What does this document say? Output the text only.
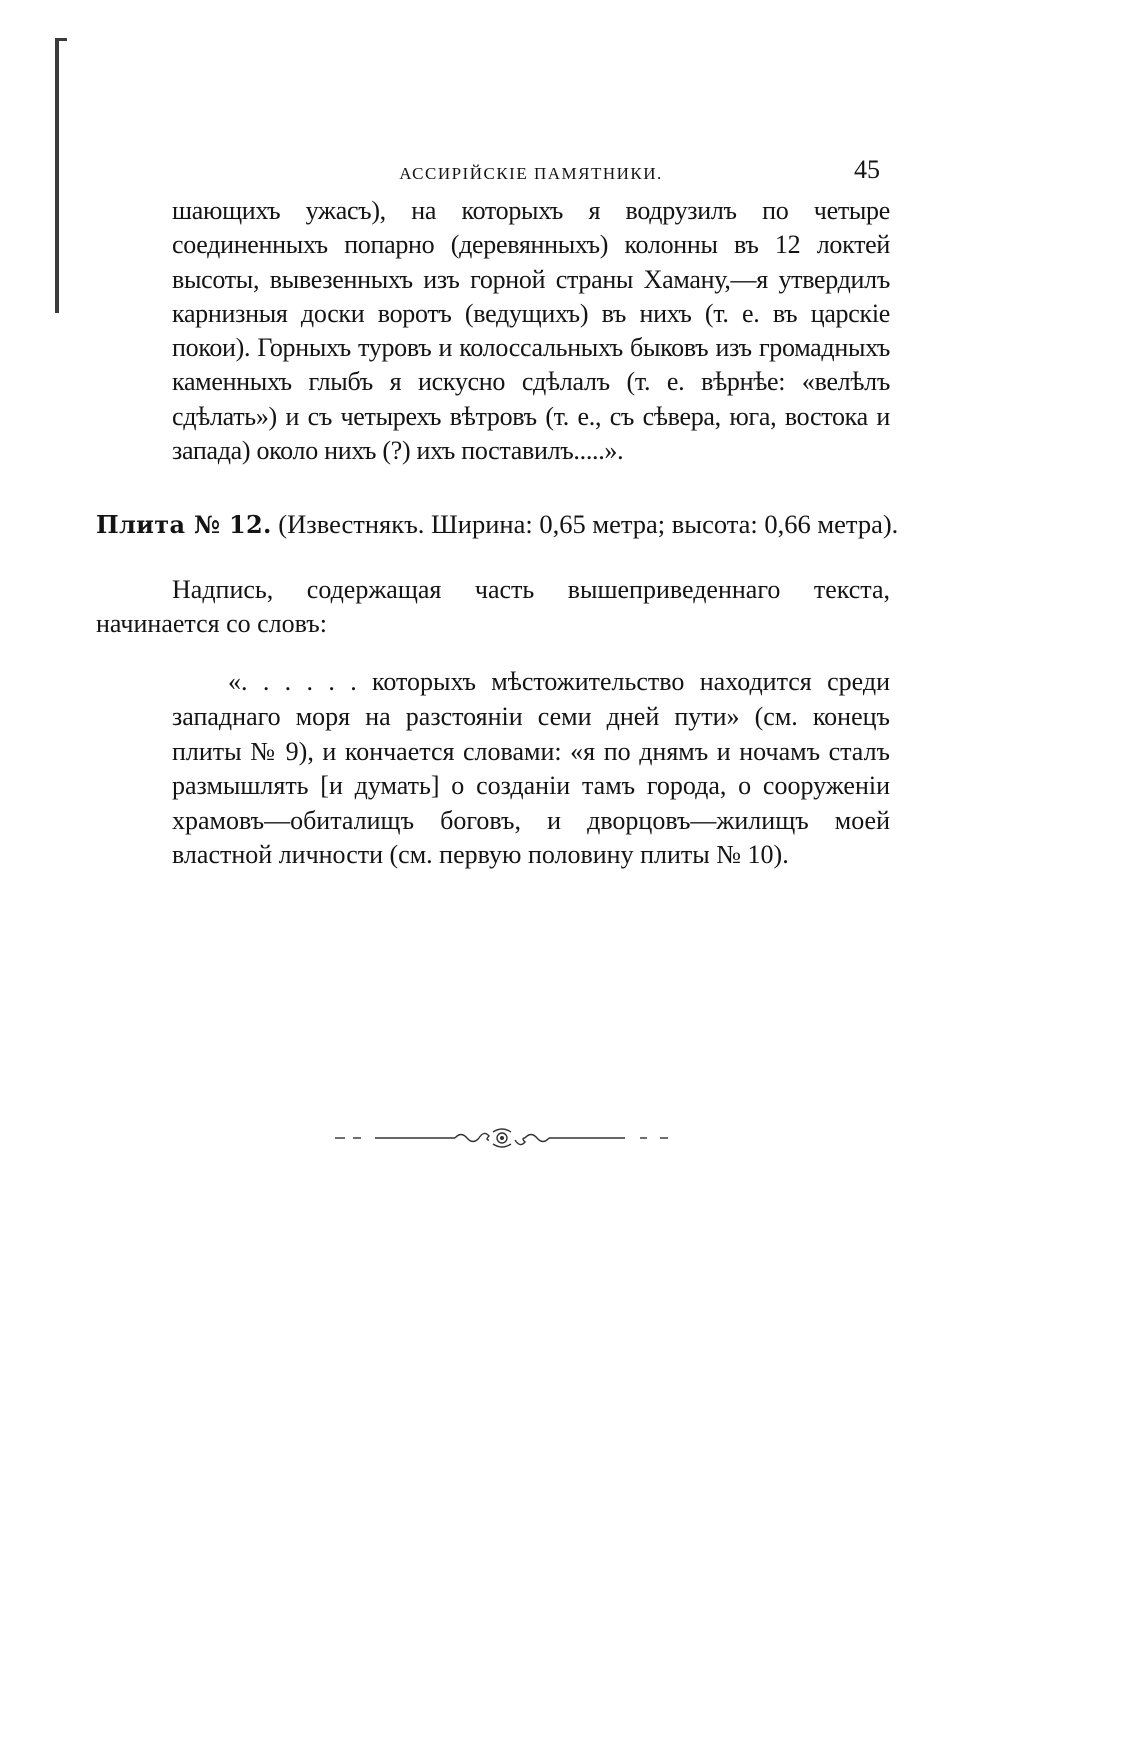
АССИРІЙСКІЕ ПАМЯТНИКИ.	45

шающихъ ужасъ), на которыхъ я водрузилъ по четыре соединенныхъ попарно (деревянныхъ) колонны въ 12 локтей высоты, вывезенныхъ изъ горной страны Хаману,—я утвердилъ карнизныя доски воротъ (ведущихъ) въ нихъ (т. е. въ царскіе покои). Горныхъ туровъ и колоссальныхъ быковъ изъ громадныхъ каменныхъ глыбъ я искусно сдѣлалъ (т. е. вѣрнѣе: «велѣлъ сдѣлать») и съ четырехъ вѣтровъ (т. е., съ сѣвера, юга, востока и запада) около нихъ (?) ихъ поставилъ.....».

Плита № 12. (Известнякъ. Ширина: 0,65 метра; высота: 0,66 метра).

Надпись, содержащая часть вышеприведеннаго текста, начинается со словъ:

«. . . . . . которыхъ мѣстожительство находится среди западнаго моря на разстояніи семи дней пути» (см. конецъ плиты № 9), и кончается словами: «я по днямъ и ночамъ сталъ размышлять [и думать] о созданіи тамъ города, о сооруженіи храмовъ—обиталищъ боговъ, и дворцовъ—жилищъ моей властной личности (см. первую половину плиты № 10).
